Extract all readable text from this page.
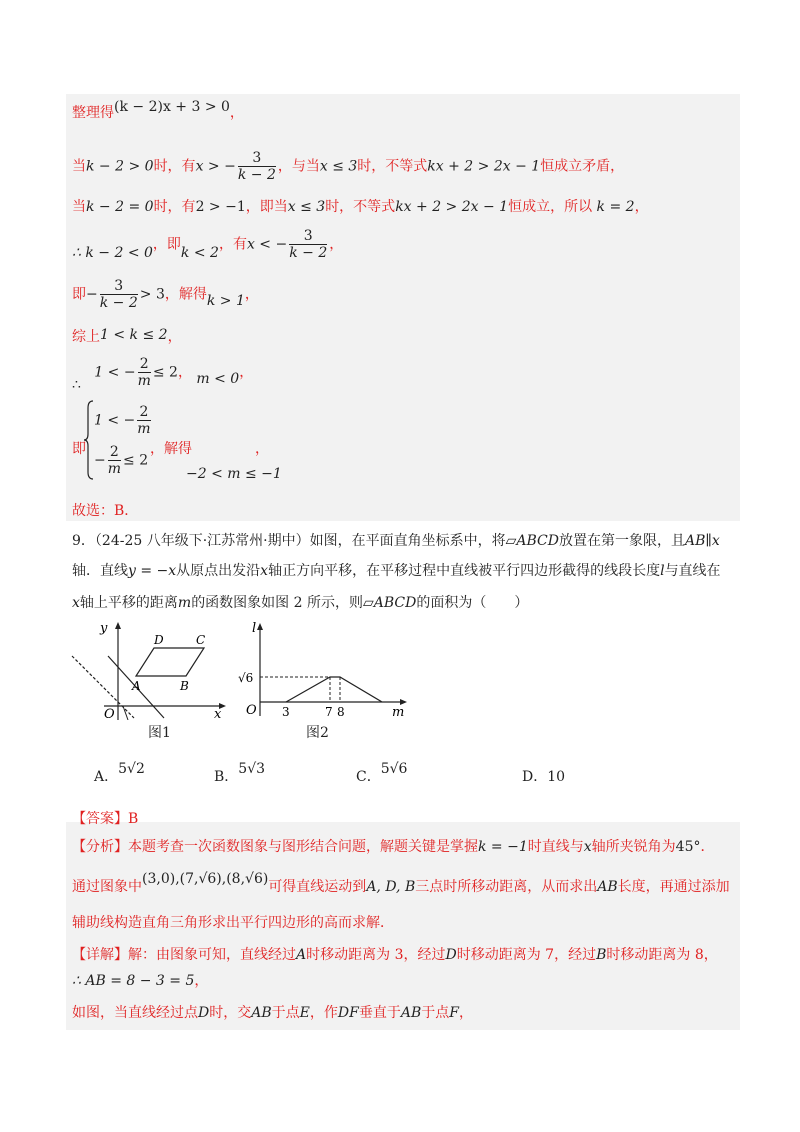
整理得(k − 2)x + 3 > 0，
当k − 2 > 0时，有x > − $\frac{3}{k - 2}$ ，与当x ≤ 3时，不等式kx + 2 > 2x − 1恒成立矛盾，
当k − 2 = 0时，有2 > −1，即当x ≤ 3时，不等式kx + 2 > 2x − 1恒成立，所以 k = 2，
∴ k − 2 < 0，即k < 2，有x < − $\frac{3}{k - 2}$ ，
即− $\frac{3}{k - 2} > 3$，解得k > 1，
综上1 < k ≤ 2，
∴   1 < − $\frac{2}{m} \le 2$， m < 0，
即
1 < − $\frac{2}{m}$
− $\frac{2}{m} \le 2$
，解得	，
−2 < m ≤ −1
故选：B．
9．（24-25 八年级下·江苏常州·期中）如图，在平面直角坐标系中，将▱ABCD放置在第一象限，且AB∥x
轴．直线y = −x从原点出发沿x轴正方向平移，在平移过程中直线被平行四边形截得的线段长度l与直线在
x轴上平移的距离m的函数图象如图 2 所示，则▱ABCD的面积为（　　）
y
x
O
A	B
C
D
图1
l
m
O
√6
3	7 8
图2
A．5√2	B．5√3	C．5√6	D．10
【答案】B
【分析】本题考查一次函数图象与图形结合问题，解题关键是掌握k = −1时直线与x轴所夹锐角为45°．
通过图象中(3,0),(7,√6),(8,√6)可得直线运动到A, D, B三点时所移动距离，从而求出AB长度，再通过添加
辅助线构造直角三角形求出平行四边形的高而求解．
【详解】解：由图象可知，直线经过A时移动距离为 3，经过D时移动距离为 7，经过B时移动距离为 8，
∴ AB = 8 − 3 = 5，
如图，当直线经过点D时，交AB于点E，作DF垂直于AB于点F，
